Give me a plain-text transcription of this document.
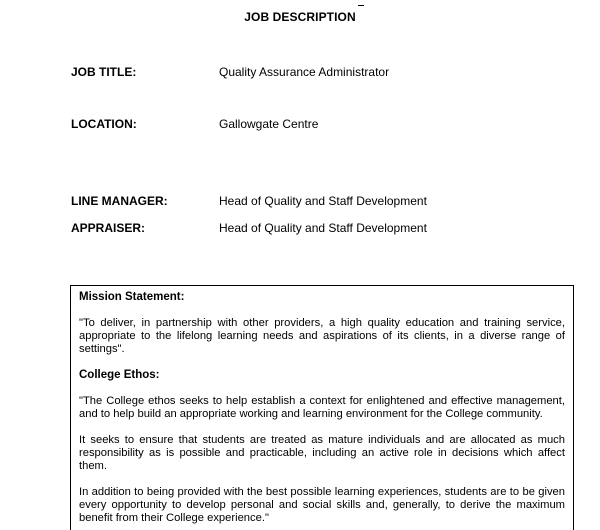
JOB DESCRIPTION
JOB TITLE:	Quality Assurance Administrator
LOCATION:	Gallowgate Centre
LINE MANAGER:	Head of Quality and Staff Development
APPRAISER:	Head of Quality and Staff Development

Mission Statement:

"To deliver, in partnership with other providers, a high quality education and training service, appropriate to the lifelong learning needs and aspirations of its clients, in a diverse range of settings".

College Ethos:

"The College ethos seeks to help establish a context for enlightened and effective management, and to help build an appropriate working and learning environment for the College community.

It seeks to ensure that students are treated as mature individuals and are allocated as much responsibility as is possible and practicable, including an active role in decisions which affect them.

In addition to being provided with the best possible learning experiences, students are to be given every opportunity to develop personal and social skills and, generally, to derive the maximum benefit from their College experience."
